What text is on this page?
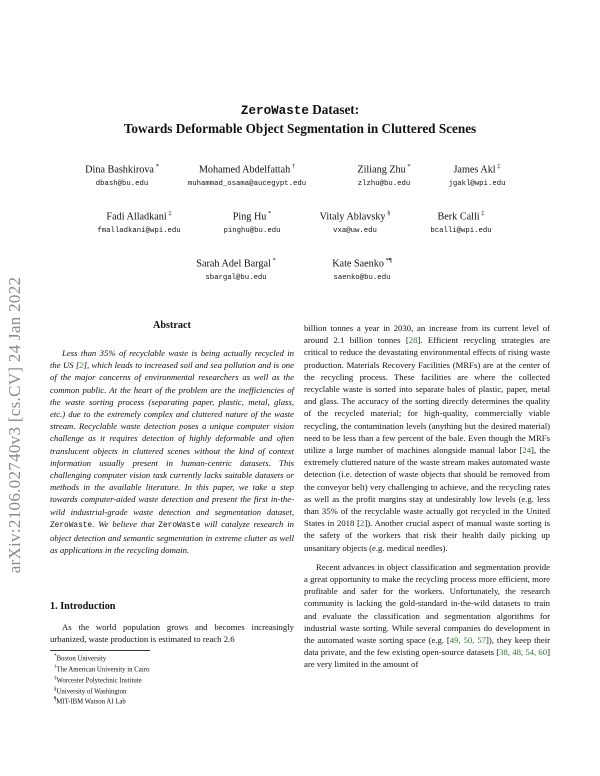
arXiv:2106.02740v3 [cs.CV] 24 Jan 2022
ZeroWaste Dataset:
Towards Deformable Object Segmentation in Cluttered Scenes
Dina Bashkirova *
dbash@bu.edu
Mohamed Abdelfattah †
muhammad_osama@aucegypt.edu
Ziliang Zhu *
zlzhu@bu.edu
James Akl ‡
jgakl@wpi.edu
Fadi Alladkani ‡
fmalladkani@wpi.edu
Ping Hu *
pinghu@bu.edu
Vitaly Ablavsky §
vxa@uw.edu
Berk Calli ‡
bcalli@wpi.edu
Sarah Adel Bargal *
sbargal@bu.edu
Kate Saenko *¶
saenko@bu.edu
Abstract

Less than 35% of recyclable waste is being actually recycled in the US [2], which leads to increased soil and sea pollution and is one of the major concerns of environmental researchers as well as the common public. At the heart of the problem are the inefficiencies of the waste sorting process (separating paper, plastic, metal, glass, etc.) due to the extremely complex and cluttered nature of the waste stream. Recyclable waste detection poses a unique computer vision challenge as it requires detection of highly deformable and often translucent objects in cluttered scenes without the kind of context information usually present in human-centric datasets. This challenging computer vision task currently lacks suitable datasets or methods in the available literature. In this paper, we take a step towards computer-aided waste detection and present the first in-the-wild industrial-grade waste detection and segmentation dataset, ZeroWaste. We believe that ZeroWaste will catalyze research in object detection and semantic segmentation in extreme clutter as well as applications in the recycling domain.

1. Introduction

As the world population grows and becomes increasingly urbanized, waste production is estimated to reach 2.6

*Boston University
†The American University in Cairo
‡Worcester Polytechnic Institute
§University of Washington
¶MIT-IBM Watson AI Lab

billion tonnes a year in 2030, an increase from its current level of around 2.1 billion tonnes [28]. Efficient recycling strategies are critical to reduce the devastating environmental effects of rising waste production. Materials Recovery Facilities (MRFs) are at the center of the recycling process. These facilities are where the collected recyclable waste is sorted into separate bales of plastic, paper, metal and glass. The accuracy of the sorting directly determines the quality of the recycled material; for high-quality, commercially viable recycling, the contamination levels (anything but the desired material) need to be less than a few percent of the bale. Even though the MRFs utilize a large number of machines alongside manual labor [24], the extremely cluttered nature of the waste stream makes automated waste detection (i.e. detection of waste objects that should be removed from the conveyor belt) very challenging to achieve, and the recycling rates as well as the profit margins stay at undesirably low levels (e.g. less than 35% of the recyclable waste actually got recycled in the United States in 2018 [2]). Another crucial aspect of manual waste sorting is the safety of the workers that risk their health daily picking up unsanitary objects (e.g. medical needles).

Recent advances in object classification and segmentation provide a great opportunity to make the recycling process more efficient, more profitable and safer for the workers. Unfortunately, the research community is lacking the gold-standard in-the-wild datasets to train and evaluate the classification and segmentation algorithms for industrial waste sorting. While several companies do development in the automated waste sorting space (e.g. [49, 50, 57]), they keep their data private, and the few existing open-source datasets [38, 48, 54, 60] are very limited in the amount of
